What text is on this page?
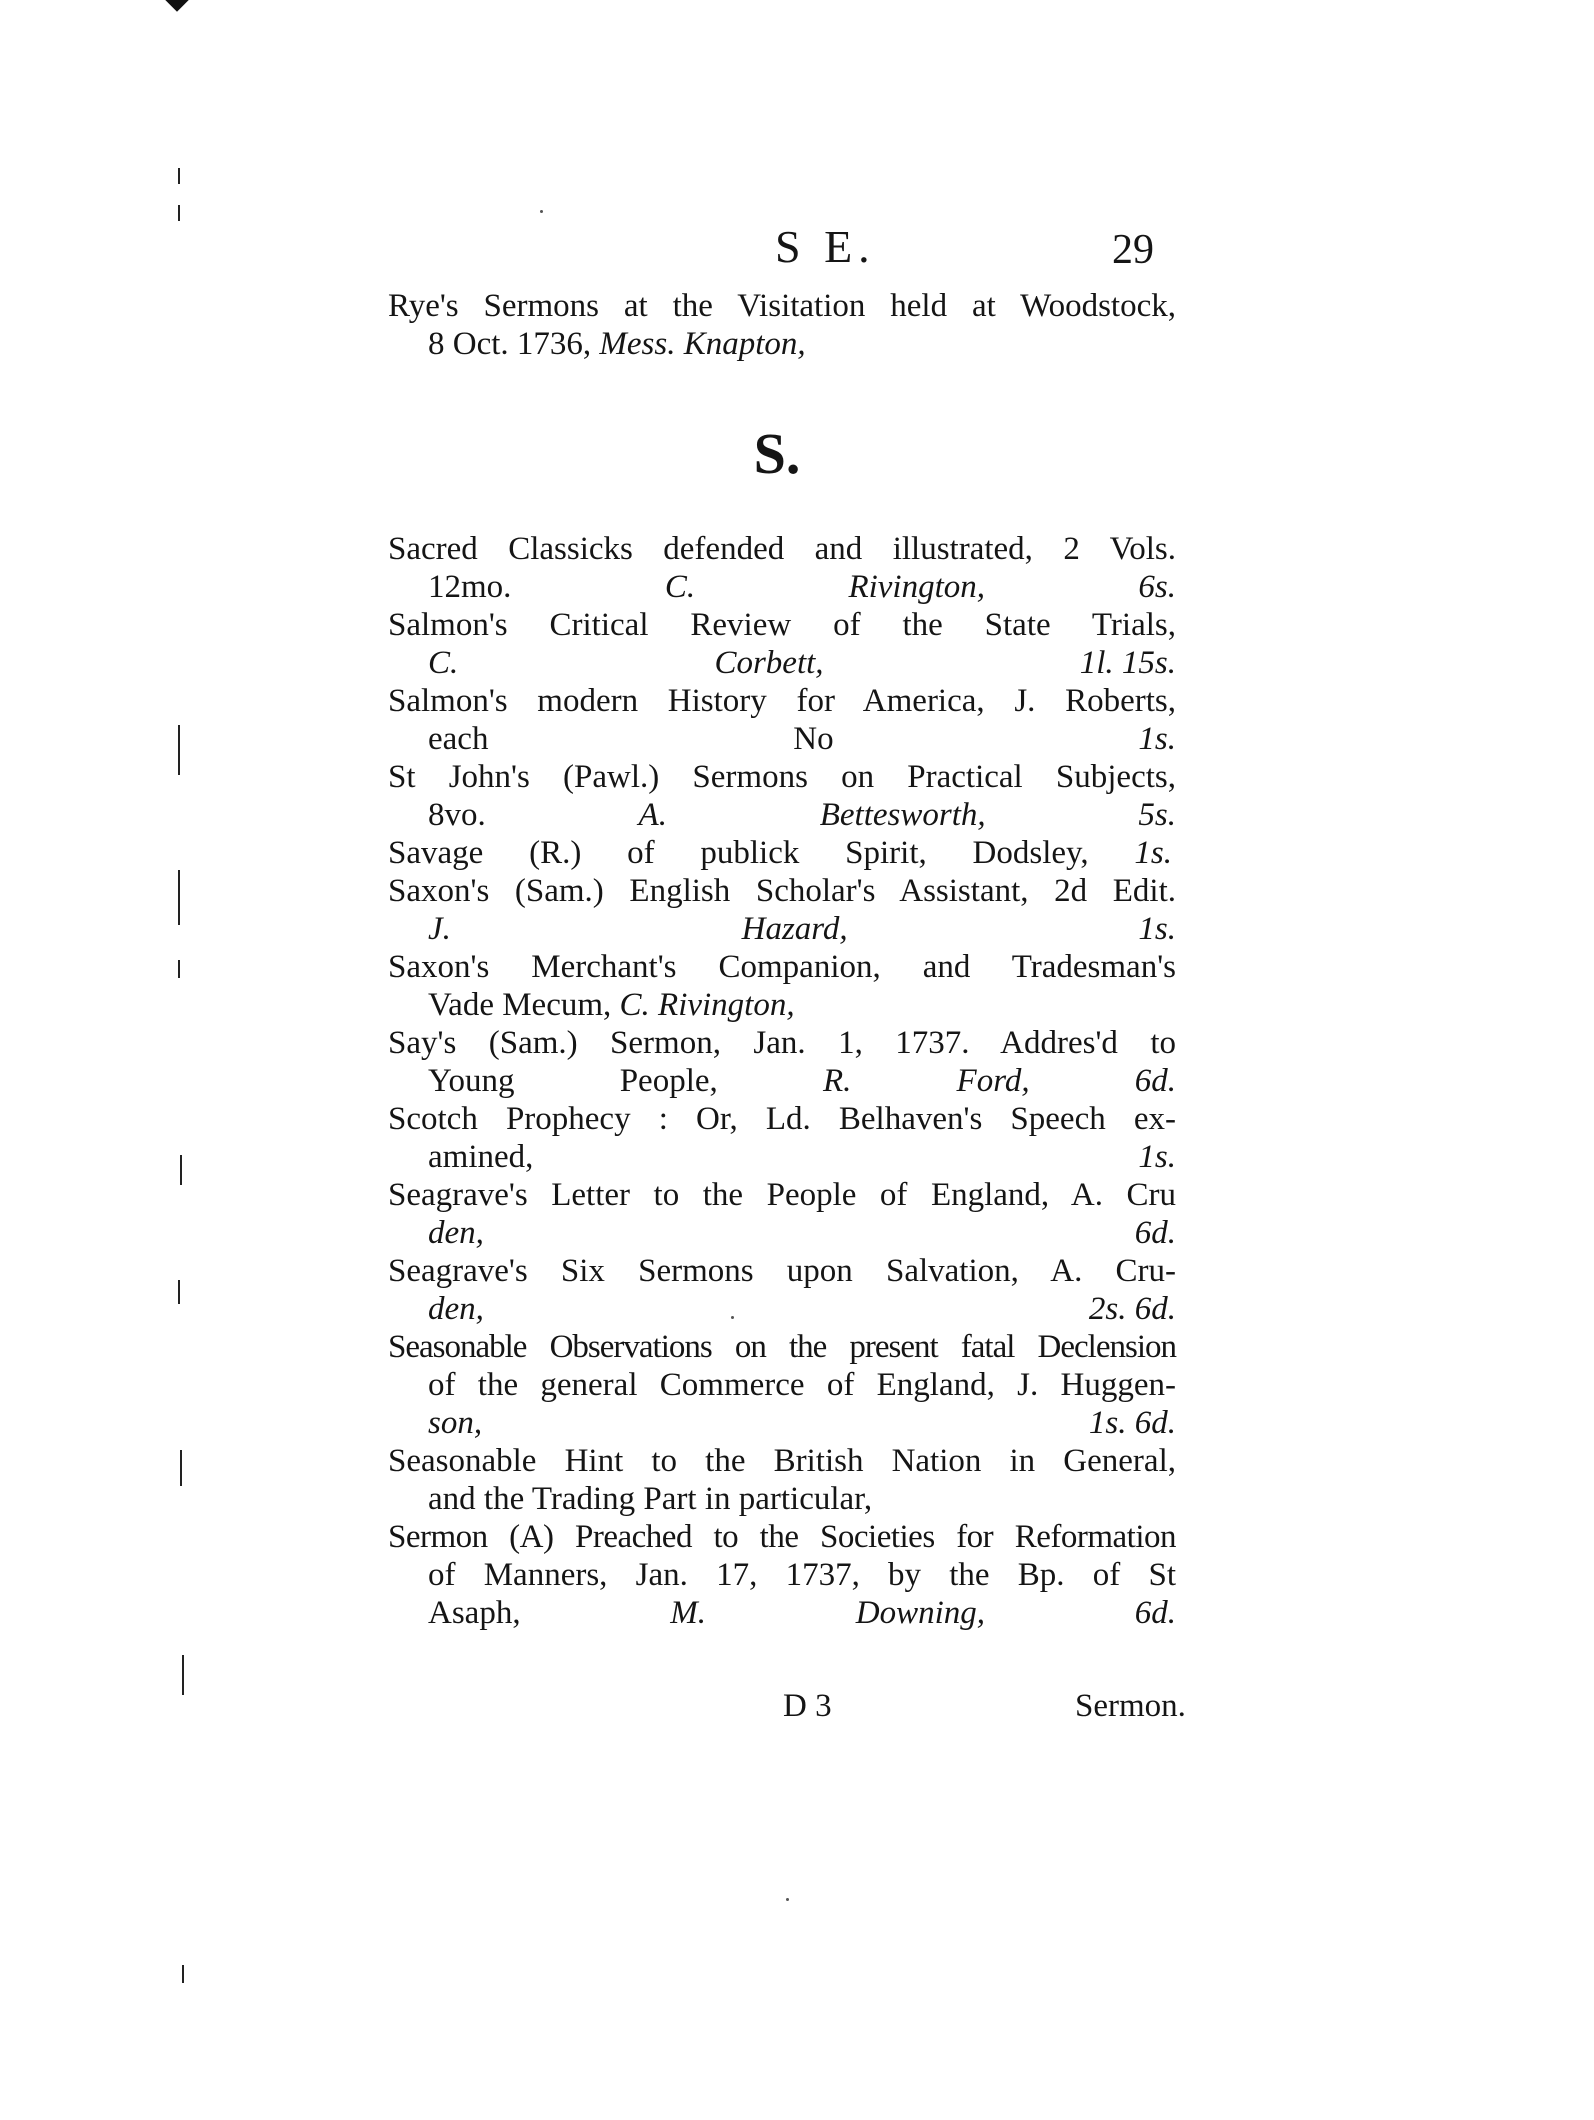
S E.	29

Rye's Sermons at the Visitation held at Woodstock,
8 Oct. 1736, Mess. Knapton,

S.

Sacred Classicks defended and illustrated, 2 Vols.
12mo. C. Rivington,	6s.

Salmon's Critical Review of the State Trials,
C. Corbett,	1l. 15s.

Salmon's modern History for America, J. Roberts,
each No	1s.

St John's (Pawl.) Sermons on Practical Subjects,
8vo. A. Bettesworth,	5s.

Savage (R.) of publick Spirit, Dodsley, 1s.

Saxon's (Sam.) English Scholar's Assistant, 2d Edit.
J. Hazard,	1s.

Saxon's Merchant's Companion, and Tradesman's
Vade Mecum, C. Rivington,

Say's (Sam.) Sermon, Jan. 1, 1737. Addres'd to
Young People, R. Ford,	6d.

Scotch Prophecy : Or, Ld. Belhaven's Speech ex-
amined,	1s.

Seagrave's Letter to the People of England, A. Cru
den,	6d.

Seagrave's Six Sermons upon Salvation, A. Cru-
den,	2s. 6d.

Seasonable Observations on the present fatal Declension
of the general Commerce of England, J. Huggen-
son,	1s. 6d.

Seasonable Hint to the British Nation in General,
and the Trading Part in particular,

Sermon (A) Preached to the Societies for Reformation
of Manners, Jan. 17, 1737, by the Bp. of St
Asaph, M. Downing,	6d.

D 3	Sermon.
